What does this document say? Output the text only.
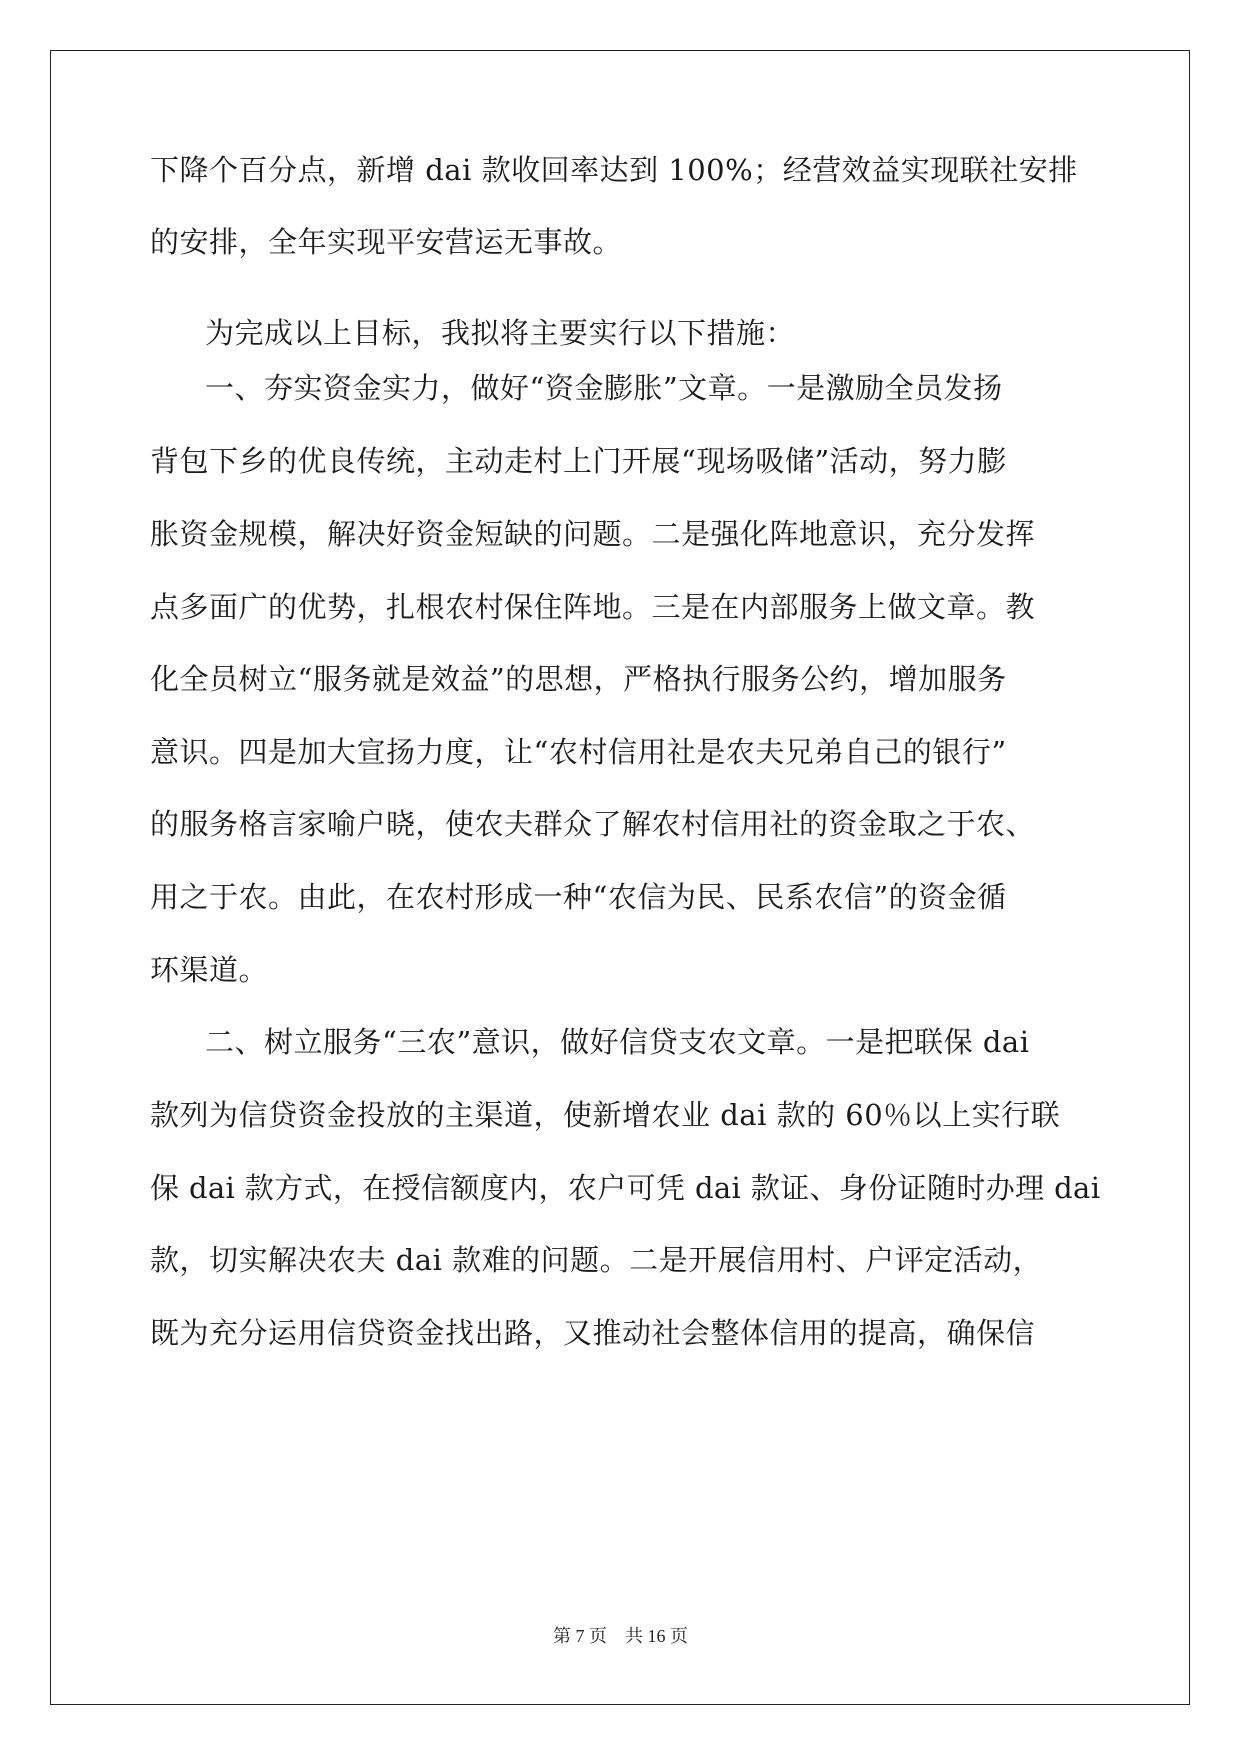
下降个百分点，新增 dai 款收回率达到 100%；经营效益实现联社安排
的安排，全年实现平安营运无事故。
为完成以上目标，我拟将主要实行以下措施：
一、夯实资金实力，做好“资金膨胀”文章。一是激励全员发扬
背包下乡的优良传统，主动走村上门开展“现场吸储”活动，努力膨
胀资金规模，解决好资金短缺的问题。二是强化阵地意识，充分发挥
点多面广的优势，扎根农村保住阵地。三是在内部服务上做文章。教
化全员树立“服务就是效益”的思想，严格执行服务公约，增加服务
意识。四是加大宣扬力度，让“农村信用社是农夫兄弟自己的银行”
的服务格言家喻户晓，使农夫群众了解农村信用社的资金取之于农、
用之于农。由此，在农村形成一种“农信为民、民系农信”的资金循
环渠道。
二、树立服务“三农”意识，做好信贷支农文章。一是把联保 dai
款列为信贷资金投放的主渠道，使新增农业 dai 款的 60％以上实行联
保 dai 款方式，在授信额度内，农户可凭 dai 款证、身份证随时办理 dai
款，切实解决农夫 dai 款难的问题。二是开展信用村、户评定活动，
既为充分运用信贷资金找出路，又推动社会整体信用的提高，确保信
第 7 页　共 16 页
